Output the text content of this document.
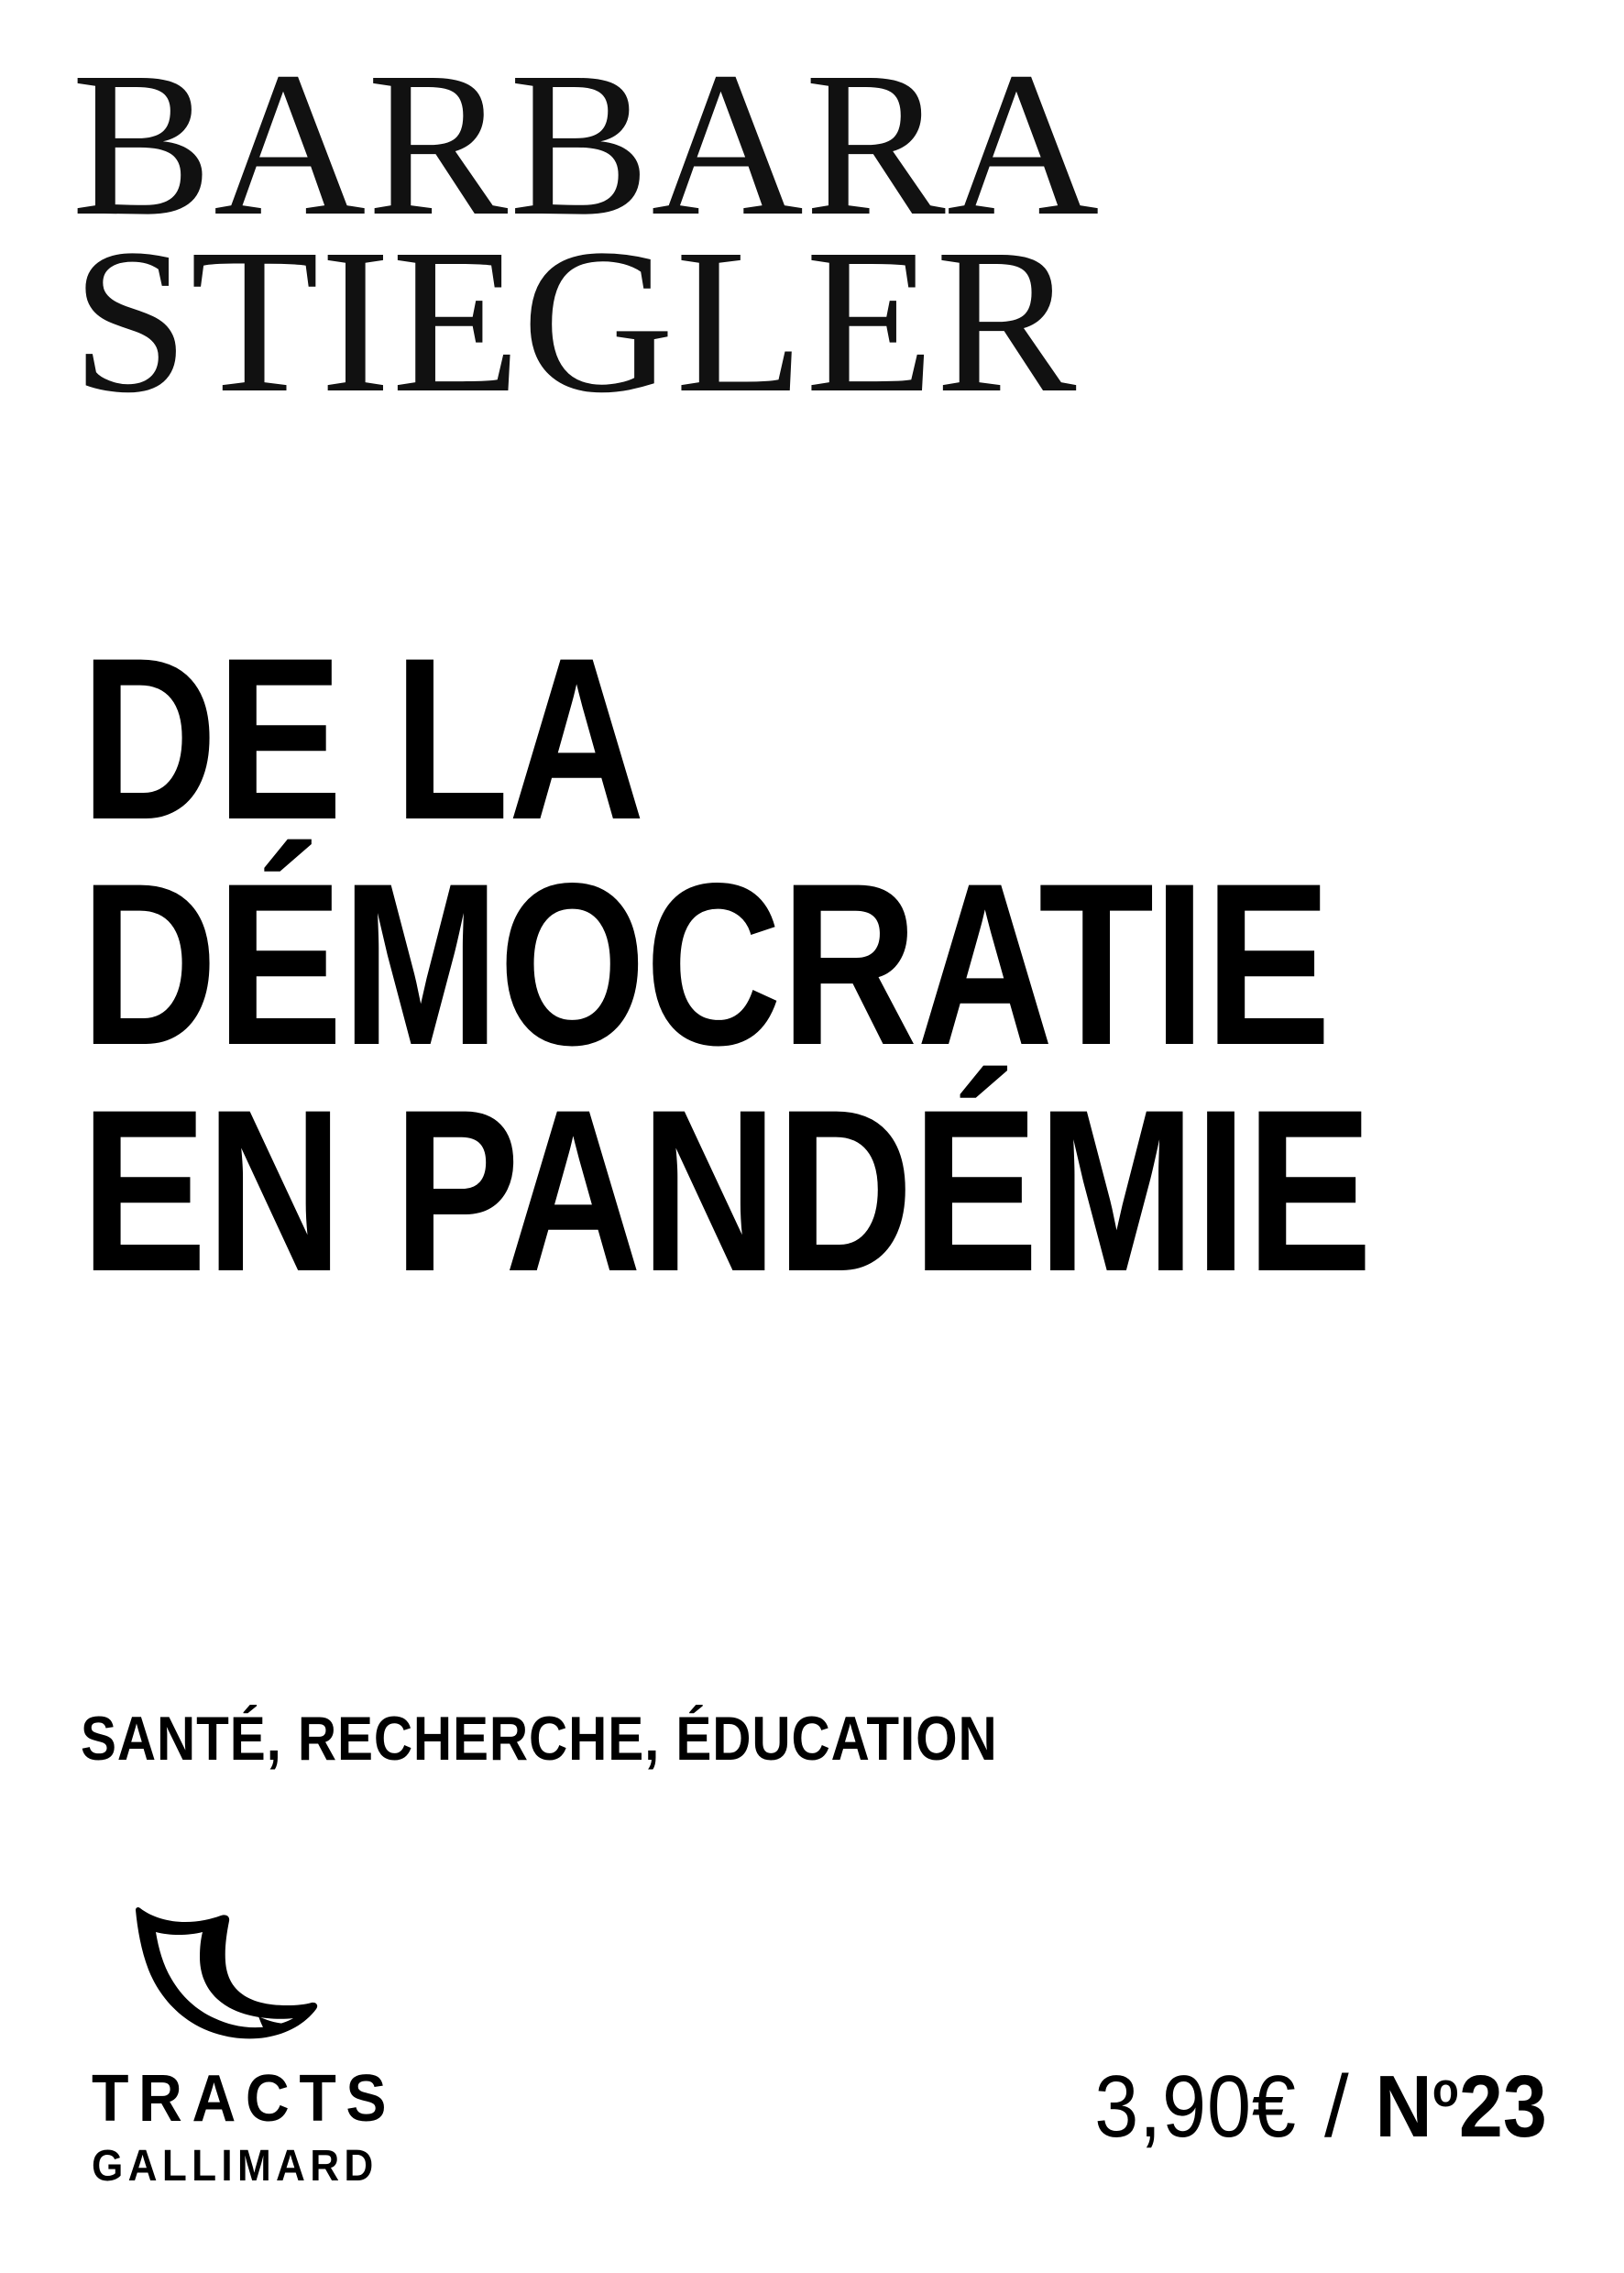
BARBARA
STIEGLER
DE LA
DÉMOCRATIE
EN PANDÉMIE
SANTÉ, RECHERCHE, ÉDUCATION
TRACTS
GALLIMARD
3,90€ / $N^o23$
